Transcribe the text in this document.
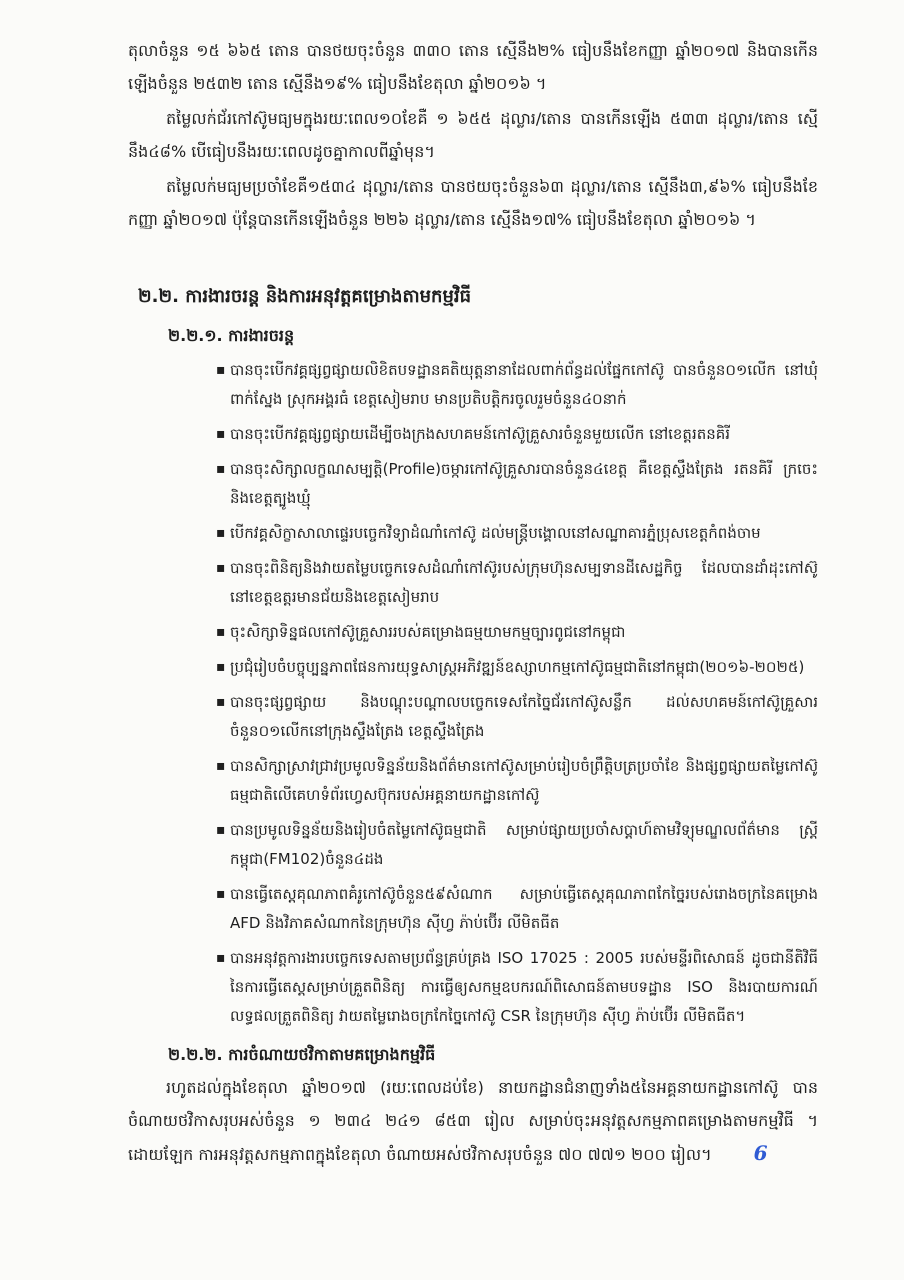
តុលាចំនួន ១៥ ៦៦៥ តោន បានថយចុះចំនួន ៣៣០ តោន ស្មើនឹង២% ធៀបនឹងខែកញ្ញា ឆ្នាំ២០១៧ និងបានកើនឡើងចំនួន ២៥៣២ តោន ស្មើនឹង១៩% ធៀបនឹងខែតុលា ឆ្នាំ២០១៦ ។

តម្លៃលក់ជ័រកៅស៊ូមធ្យមក្នុងរយៈពេល១០ខែគឺ ១ ៦៥៥ ដុល្លារ/តោន បានកើនឡើង ៥៣៣ ដុល្លារ/តោន ស្មើនឹង៤៨% បើធៀបនឹងរយៈពេលដូចគ្នាកាលពីឆ្នាំមុន។

តម្លៃលក់មធ្យមប្រចាំខែគឺ១៥៣៤ ដុល្លារ/តោន បានថយចុះចំនួន៦៣ ដុល្លារ/តោន ស្មើនឹង៣,៩៦% ធៀបនឹងខែកញ្ញា ឆ្នាំ២០១៧ ប៉ុន្តែបានកើនឡើងចំនួន ២២៦ ដុល្លារ/តោន ស្មើនឹង១៧% ធៀបនឹងខែតុលា ឆ្នាំ២០១៦ ។

២.២. ការងារចរន្ត និងការអនុវត្តគម្រោងតាមកម្មវិធី
២.២.១. ការងារចរន្ត
▪ បានចុះបើកវគ្គផ្សព្វផ្សាយលិខិតបទដ្ឋានគតិយុត្តនានាដែលពាក់ព័ន្ធដល់ផ្នែកកៅស៊ូ បានចំនួន០១លើក នៅឃុំពាក់ស្នែង ស្រុកអង្គរធំ ខេត្តសៀមរាប មានប្រតិបត្តិករចូលរួមចំនួន៤០នាក់
▪ បានចុះបើកវគ្គផ្សព្វផ្សាយដើម្បីចងក្រងសហគមន៍កៅស៊ូគ្រួសារចំនួនមួយលើក នៅខេត្តរតនគិរី
▪ បានចុះសិក្សាលក្ខណសម្បត្តិ(Profile)ចម្ការកៅស៊ូគ្រួសារបានចំនួន៤ខេត្ត គឺខេត្តស្ទឹងត្រែង រតនគិរី ក្រចេះ និងខេត្តត្បូងឃ្មុំ
▪ បើកវគ្គសិក្ខាសាលាផ្ទេរបច្ចេកវិទ្យាដំណាំកៅស៊ូ ដល់មន្ត្រីបង្គោលនៅសណ្ឋាគារភ្នំប្រុសខេត្តកំពង់ចាម
▪ បានចុះពិនិត្យនិងវាយតម្លៃបច្ចេកទេសដំណាំកៅស៊ូរបស់ក្រុមហ៊ុនសម្បទានដីសេដ្ឋកិច្ច ដែលបានដាំដុះកៅស៊ូនៅខេត្តឧត្តរមានជ័យនិងខេត្តសៀមរាប
▪ ចុះសិក្សាទិន្នផលកៅស៊ូគ្រួសាររបស់គម្រោងធម្មយាមកម្មច្បារពូជនៅកម្ពុជា
▪ ប្រជុំរៀបចំបច្ចុប្បន្នភាពផែនការយុទ្ធសាស្ត្រអភិវឌ្ឍន៍ឧស្សាហកម្មកៅស៊ូធម្មជាតិនៅកម្ពុជា(២០១៦-២០២៥)
▪ បានចុះផ្សព្វផ្សាយ និងបណ្តុះបណ្តាលបច្ចេកទេសកែច្នៃជ័រកៅស៊ូសន្លឹក ដល់សហគមន៍កៅស៊ូគ្រួសារចំនួន០១លើកនៅក្រុងស្ទឹងត្រែង ខេត្តស្ទឹងត្រែង
▪ បានសិក្សាស្រាវជ្រាវប្រមូលទិន្នន័យនិងព័ត៌មានកៅស៊ូសម្រាប់រៀបចំព្រឹត្តិបត្រប្រចាំខែ និងផ្សព្វផ្សាយតម្លៃកៅស៊ូធម្មជាតិលើគេហទំព័រហ្វេសប៊ុករបស់អគ្គនាយកដ្ឋានកៅស៊ូ
▪ បានប្រមូលទិន្នន័យនិងរៀបចំតម្លៃកៅស៊ូធម្មជាតិ សម្រាប់ផ្សាយប្រចាំសប្តាហ៍តាមវិទ្យុមណ្ឌលព័ត៌មាន ស្ត្រីកម្ពុជា(FM102)ចំនួន៤ដង
▪ បានធ្វើតេស្តគុណភាពគំរូកៅស៊ូចំនួន៥៩សំណាក សម្រាប់ធ្វើតេស្តគុណភាពកែច្នៃរបស់រោងចក្រនៃគម្រោង AFD និងវិភាគសំណាកនៃក្រុមហ៊ុន ស៊ីហ្វ ភ៉ាប់ប៊ើរ លីមិតធីត
▪ បានអនុវត្តការងារបច្ចេកទេសតាមប្រព័ន្ធគ្រប់គ្រង ISO 17025 : 2005 របស់មន្ទីរពិសោធន៍ ដូចជានីតិវិធី នៃការធ្វើតេស្តសម្រាប់គ្រួតពិនិត្យ ការធ្វើឲ្យសកម្មឧបករណ៍ពិសោធន៍តាមបទដ្ឋាន ISO និងរបាយការណ៍លទ្ធផលត្រួតពិនិត្យ វាយតម្លៃរោងចក្រកែច្នៃកៅស៊ូ CSR នៃក្រុមហ៊ុន ស៊ីហ្វ ភ៉ាប់ប៊ើរ លីមិតធីត។
២.២.២. ការចំណាយថវិកាតាមគម្រោងកម្មវិធី

រហូតដល់ក្នុងខែតុលា ឆ្នាំ២០១៧ (រយៈពេលដប់ខែ) នាយកដ្ឋានជំនាញទាំង៥នៃអគ្គនាយកដ្ឋានកៅស៊ូ បានចំណាយថវិកាសរុបអស់ចំនួន ១ ២៣៤ ២៤១ ៨៥៣ រៀល សម្រាប់ចុះអនុវត្តសកម្មភាពគម្រោងតាមកម្មវិធី ។ ដោយឡែក ការអនុវត្តសកម្មភាពក្នុងខែតុលា ចំណាយអស់ថវិកាសរុបចំនួន ៧០ ៧៧១ ២០០ រៀល។ 6
